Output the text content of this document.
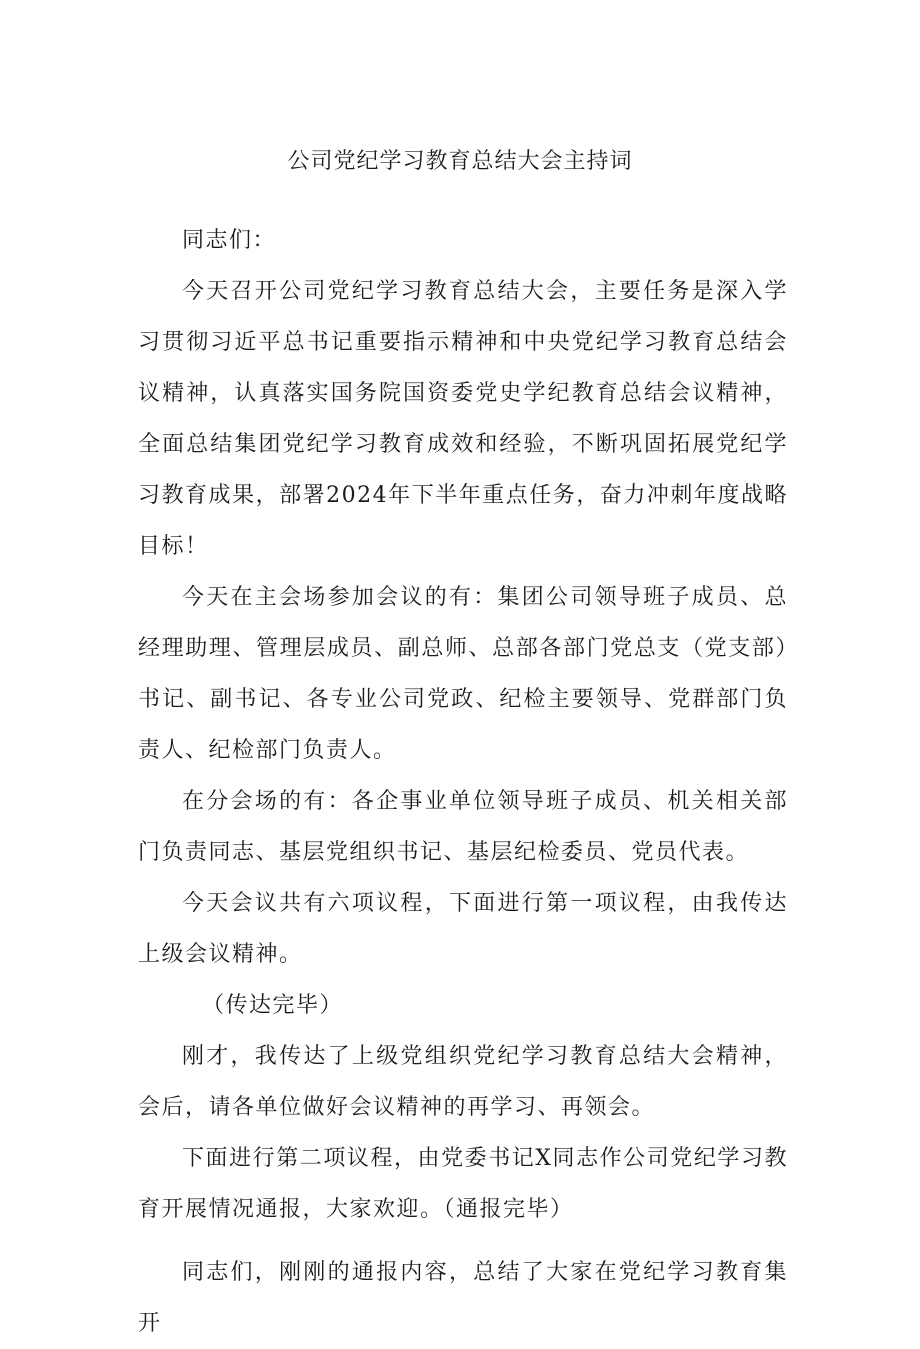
公司党纪学习教育总结大会主持词

同志们：

今天召开公司党纪学习教育总结大会，主要任务是深入学习贯彻习近平总书记重要指示精神和中央党纪学习教育总结会议精神，认真落实国务院国资委党史学纪教育总结会议精神，全面总结集团党纪学习教育成效和经验，不断巩固拓展党纪学习教育成果，部署2024年下半年重点任务，奋力冲刺年度战略目标！

今天在主会场参加会议的有：集团公司领导班子成员、总经理助理、管理层成员、副总师、总部各部门党总支（党支部）书记、副书记、各专业公司党政、纪检主要领导、党群部门负责人、纪检部门负责人。

在分会场的有：各企事业单位领导班子成员、机关相关部门负责同志、基层党组织书记、基层纪检委员、党员代表。

今天会议共有六项议程，下面进行第一项议程，由我传达上级会议精神。

（传达完毕）

刚才，我传达了上级党组织党纪学习教育总结大会精神，会后，请各单位做好会议精神的再学习、再领会。

下面进行第二项议程，由党委书记X同志作公司党纪学习教育开展情况通报，大家欢迎。（通报完毕）

同志们，刚刚的通报内容，总结了大家在党纪学习教育集开
